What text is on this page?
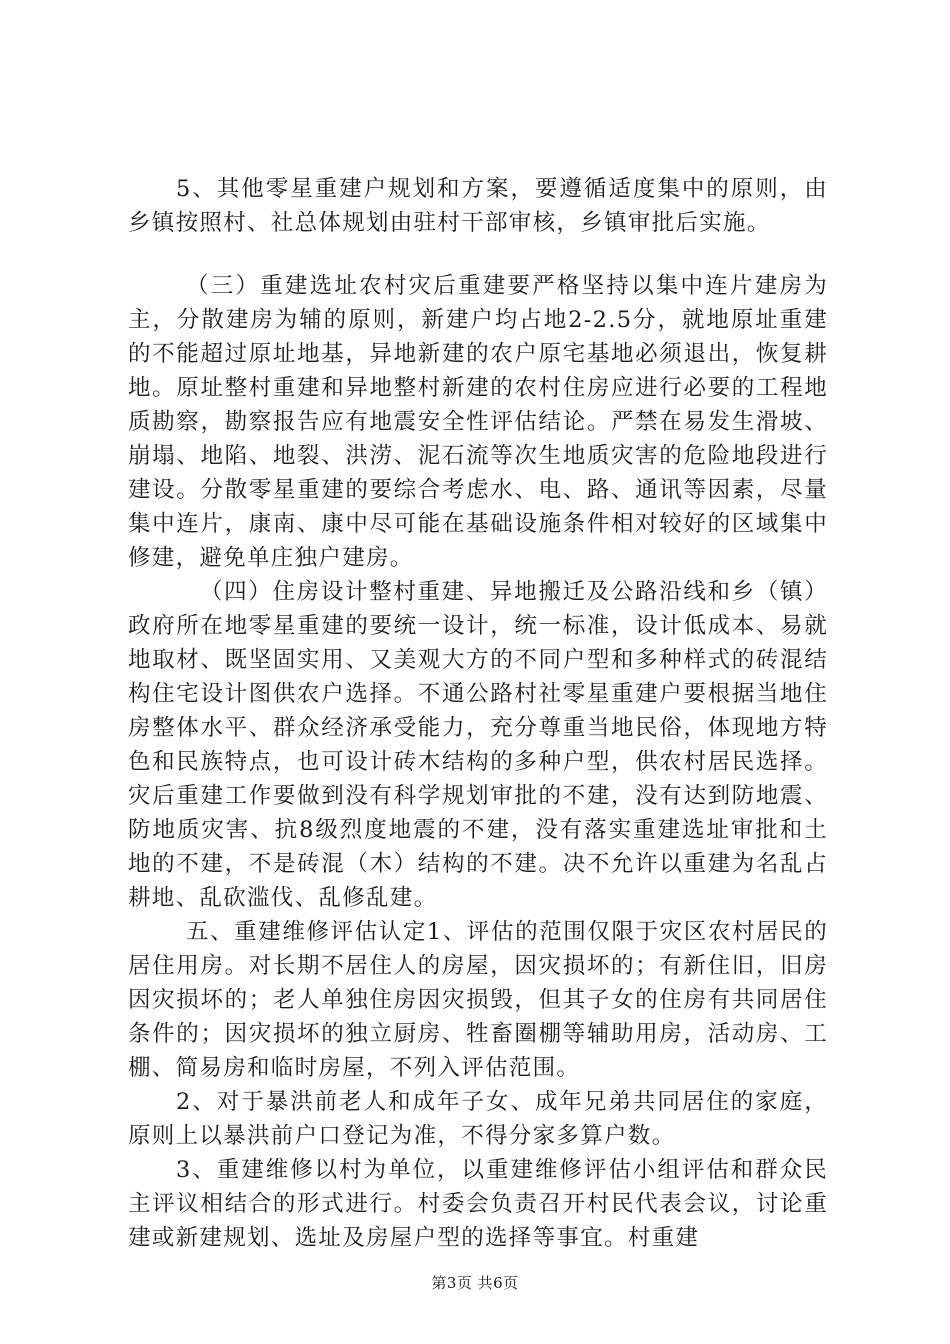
5、其他零星重建户规划和方案，要遵循适度集中的原则，由乡镇按照村、社总体规划由驻村干部审核，乡镇审批后实施。

（三）重建选址农村灾后重建要严格坚持以集中连片建房为主，分散建房为辅的原则，新建户均占地2-2.5分，就地原址重建的不能超过原址地基，异地新建的农户原宅基地必须退出，恢复耕地。原址整村重建和异地整村新建的农村住房应进行必要的工程地质勘察，勘察报告应有地震安全性评估结论。严禁在易发生滑坡、崩塌、地陷、地裂、洪涝、泥石流等次生地质灾害的危险地段进行建设。分散零星重建的要综合考虑水、电、路、通讯等因素，尽量集中连片，康南、康中尽可能在基础设施条件相对较好的区域集中修建，避免单庄独户建房。

（四）住房设计整村重建、异地搬迁及公路沿线和乡（镇）政府所在地零星重建的要统一设计，统一标准，设计低成本、易就地取材、既坚固实用、又美观大方的不同户型和多种样式的砖混结构住宅设计图供农户选择。不通公路村社零星重建户要根据当地住房整体水平、群众经济承受能力，充分尊重当地民俗，体现地方特色和民族特点，也可设计砖木结构的多种户型，供农村居民选择。灾后重建工作要做到没有科学规划审批的不建，没有达到防地震、防地质灾害、抗8级烈度地震的不建，没有落实重建选址审批和土地的不建，不是砖混（木）结构的不建。决不允许以重建为名乱占耕地、乱砍滥伐、乱修乱建。

五、重建维修评估认定1、评估的范围仅限于灾区农村居民的居住用房。对长期不居住人的房屋，因灾损坏的；有新住旧，旧房因灾损坏的；老人单独住房因灾损毁，但其子女的住房有共同居住条件的；因灾损坏的独立厨房、牲畜圈棚等辅助用房，活动房、工棚、简易房和临时房屋，不列入评估范围。

2、对于暴洪前老人和成年子女、成年兄弟共同居住的家庭，原则上以暴洪前户口登记为准，不得分家多算户数。

3、重建维修以村为单位，以重建维修评估小组评估和群众民主评议相结合的形式进行。村委会负责召开村民代表会议，讨论重建或新建规划、选址及房屋户型的选择等事宜。村重建

第3页 共6页
